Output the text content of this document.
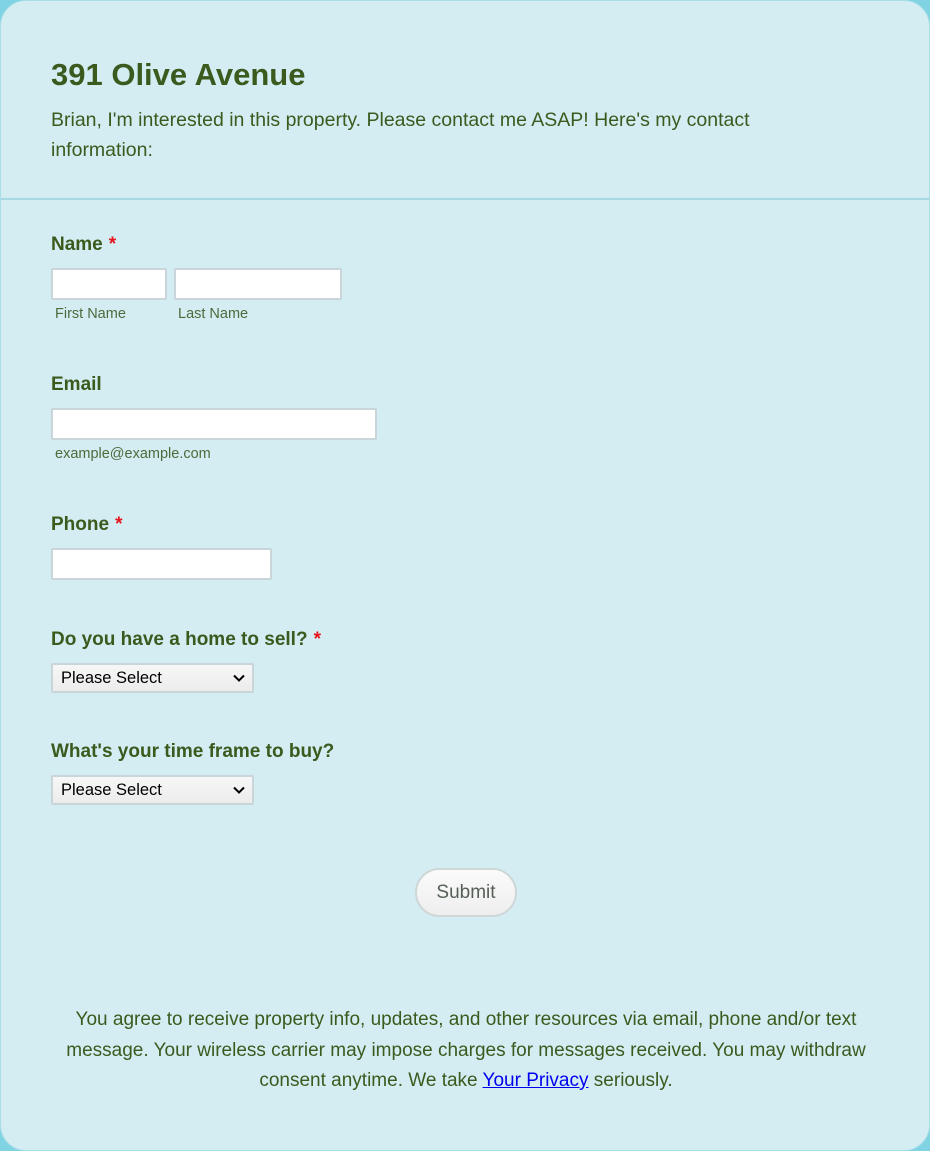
391 Olive Avenue

Brian, I'm interested in this property. Please contact me ASAP! Here's my contact information:

Name *
First Name	Last Name
Email
example@example.com
Phone *
Do you have a home to sell? *
Please Select
What's your time frame to buy?
Please Select
Submit
You agree to receive property info, updates, and other resources via email, phone and/or text message. Your wireless carrier may impose charges for messages received. You may withdraw consent anytime. We take Your Privacy seriously.
